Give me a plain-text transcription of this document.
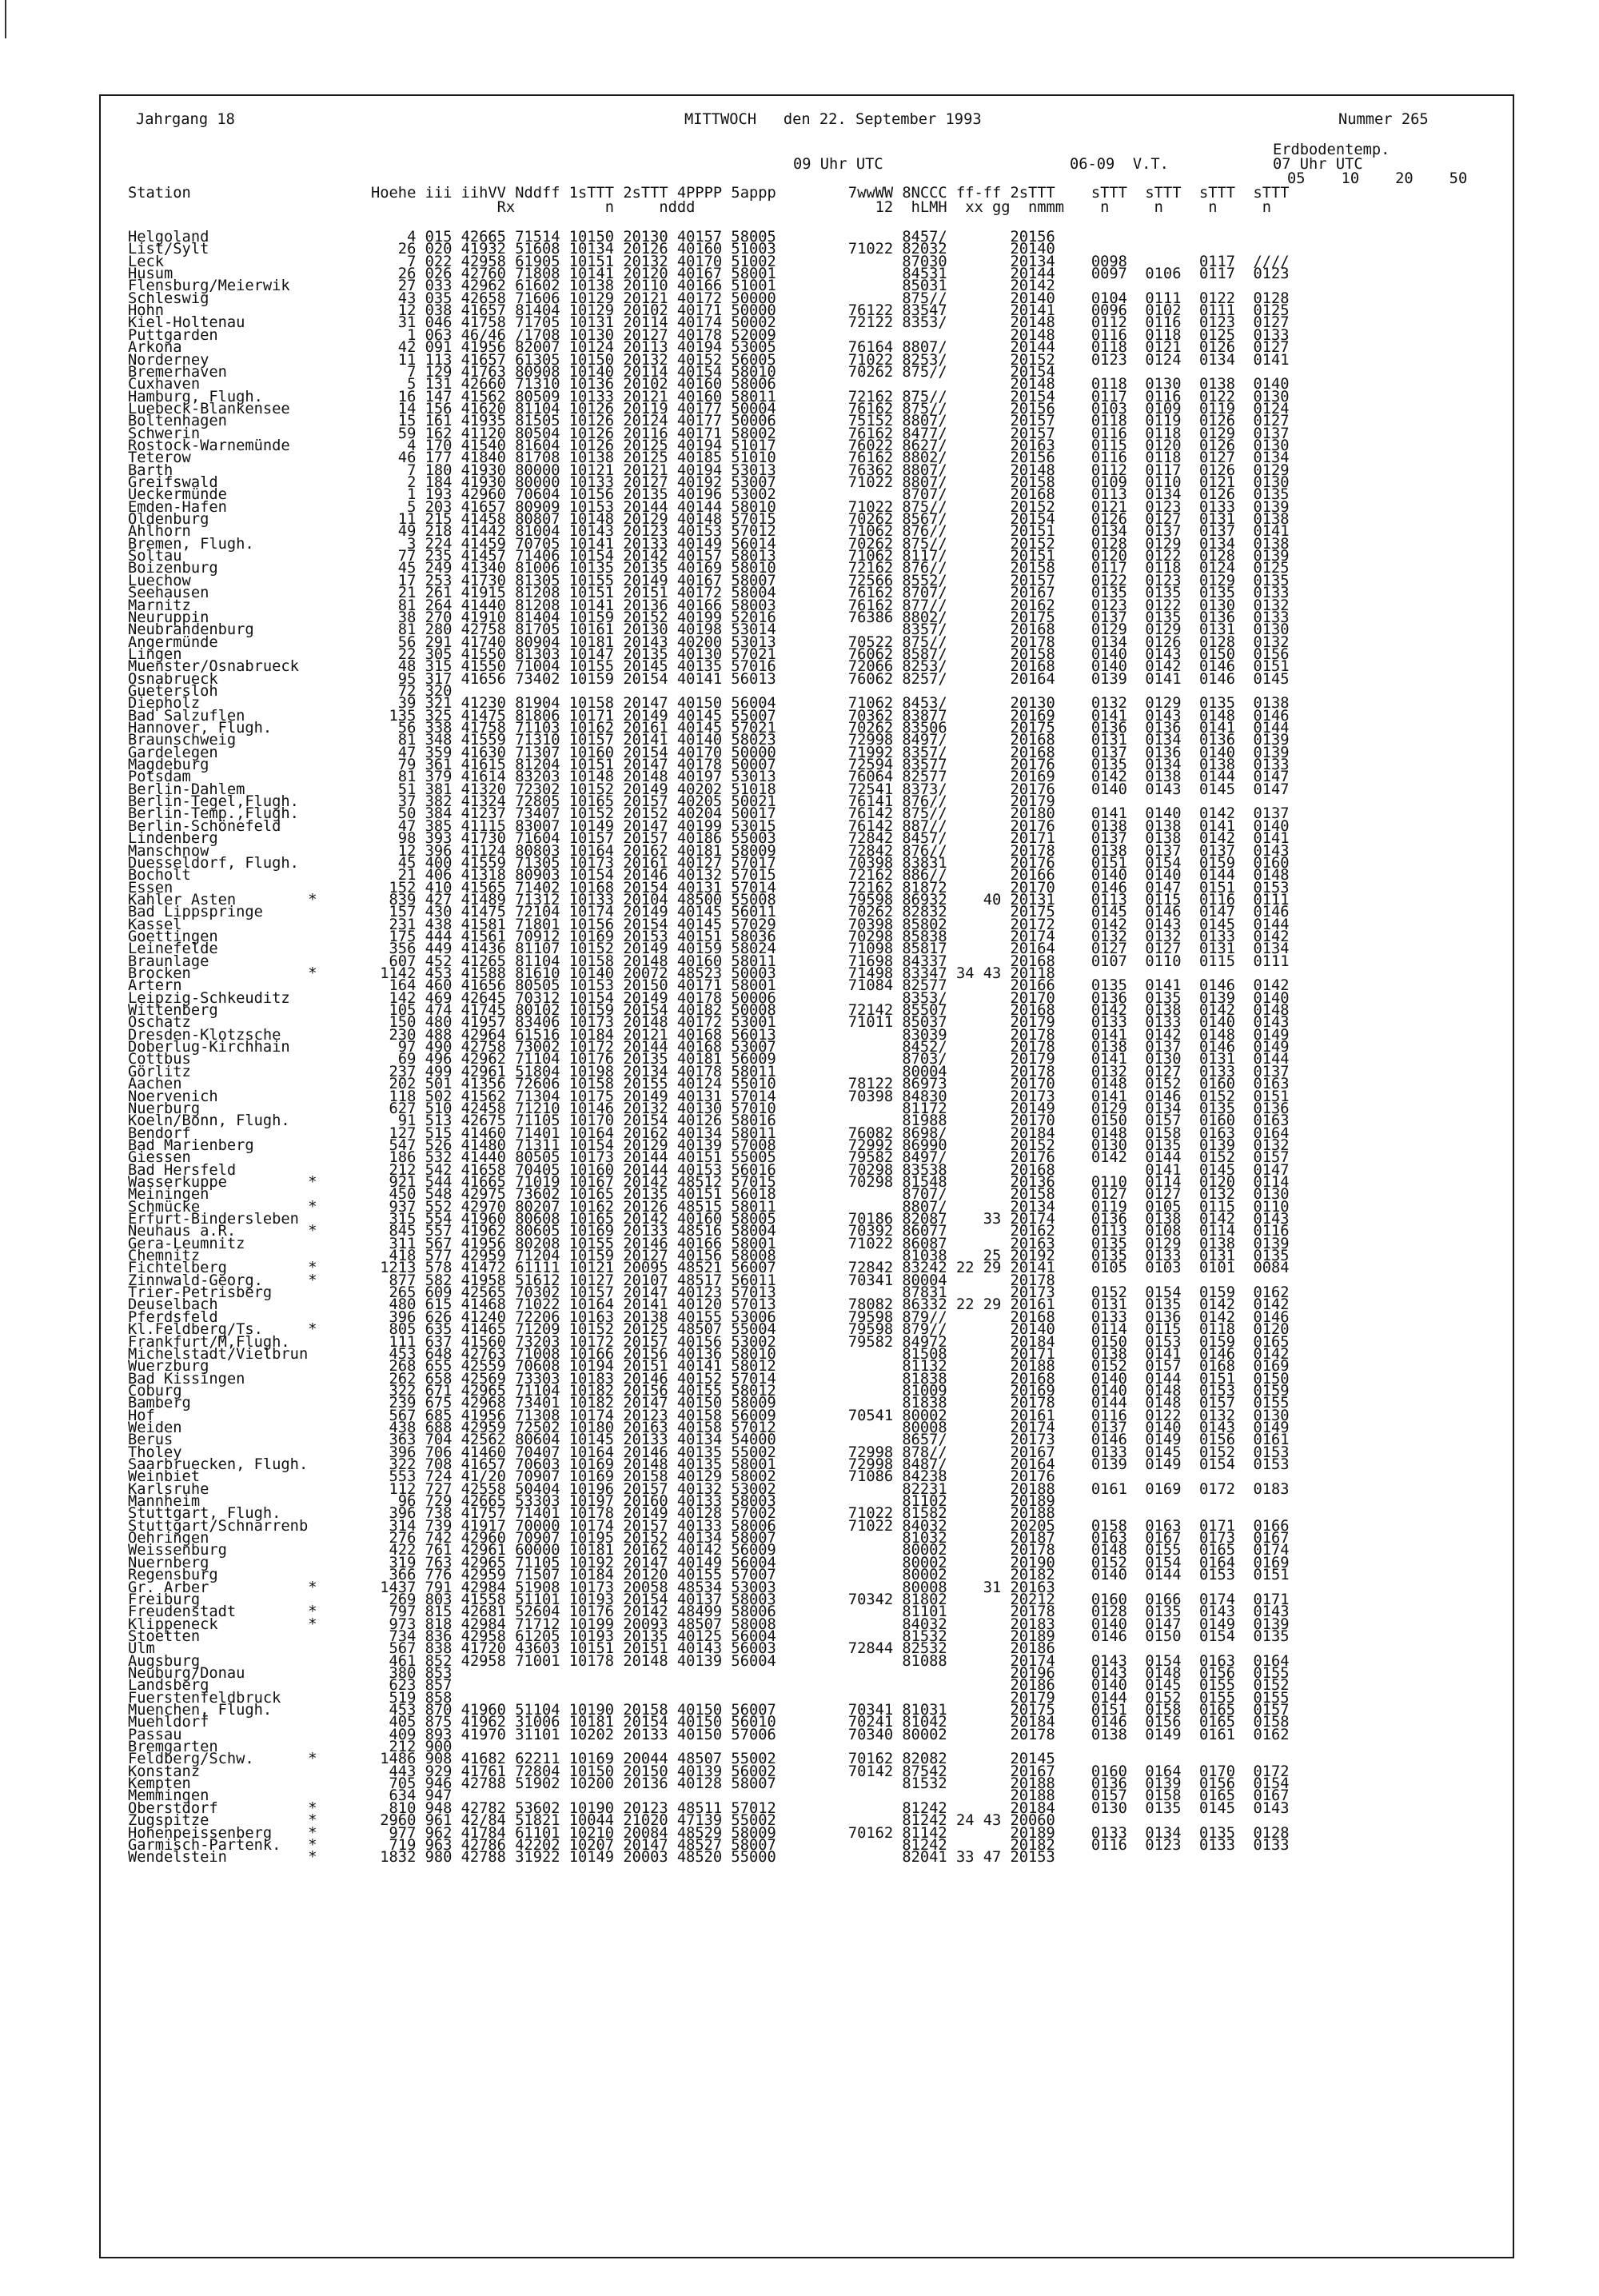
Jahrgang 18	MITTWOCH   den 22. September 1993	Nummer 265
Erdbodentemp.
09 Uhr UTC	06-09  V.T.	07 Uhr UTC
05    10    20    50
Station                    Hoehe iii iihVV Nddff 1sTTT 2sTTT 4PPPP 5appp        7wwWW 8NCCC ff-ff 2sTTT    sTTT  sTTT  sTTT  sTTT
Rx          n     nddd                    12  hLMH  xx gg  nmmm    n     n     n     n
Helgoland                      4 015 42665 71514 10150 20130 40157 58005              8457/       20156
List/Sylt                     26 020 41932 51608 10134 20126 40160 51003        71022 82032       20140
Leck                           7 022 42958 61905 10151 20132 40170 51002              87030       20134    0098        0117  ////
Husum                         26 026 42760 71808 10141 20120 40167 58001              84531       20144    0097  0106  0117  0123
Flensburg/Meierwik            27 033 42962 61602 10138 20110 40166 51001              85031       20142
Schleswig                     43 035 42658 71606 10129 20121 40172 50000              875//       20140    0104  0111  0122  0128
Hohn                          12 038 41657 81404 10129 20102 40171 50000        76122 83547       20141    0096  0102  0111  0125
Kiel-Holtenau                 31 046 41758 71705 10131 20114 40174 50002        72122 8353/       20148    0112  0116  0123  0127
Puttgarden                     1 063 46/46 /1708 10130 20127 40178 52009                          20148    0116  0118  0125  0133
Arkona                        42 091 41956 82007 10124 20113 40194 53005        76164 8807/       20144    0118  0121  0126  0127
Norderney                     11 113 41657 61305 10150 20132 40152 56005        71022 8253/       20152    0123  0124  0134  0141
Bremerhaven                    7 129 41763 80908 10140 20114 40154 58010        70262 875//       20154
Cuxhaven                       5 131 42660 71310 10136 20102 40160 58006                          20148    0118  0130  0138  0140
Hamburg, Flugh.               16 147 41562 80509 10133 20121 40160 58011        72162 875//       20154    0117  0116  0122  0130
Luebeck-Blankensee            14 156 41620 81104 10126 20119 40177 50004        76162 875//       20156    0103  0109  0119  0124
Boltenhagen                   15 161 41935 81505 10126 20124 40177 50006        75152 8807/       20157    0118  0119  0126  0127
Schwerin                      59 162 41120 80504 10126 20116 40171 58002        76162 8477/       20157    0116  0118  0129  0137
Rostock-Warnemünde             4 170 41540 81604 10126 20125 40194 51017        76022 8627/       20163    0115  0120  0126  0130
Teterow                       46 177 41840 81708 10138 20125 40185 51010        76162 8802/       20156    0116  0118  0127  0134
Barth                          7 180 41930 80000 10121 20121 40194 53013        76362 8807/       20148    0112  0117  0126  0129
Greifswald                     2 184 41930 80000 10133 20127 40192 53007        71022 8807/       20158    0109  0110  0121  0130
Ueckermünde                    1 193 42960 70604 10156 20135 40196 53002              8707/       20168    0113  0134  0126  0135
Emden-Hafen                    5 203 41657 80909 10153 20144 40144 58010        71022 875//       20152    0121  0123  0133  0139
Oldenburg                     11 215 41458 80807 10148 20129 40148 57015        70262 8567/       20154    0126  0127  0131  0138
Ahlhorn                       49 218 41442 81004 10143 20123 40153 57012        71062 876//       20151    0134  0137  0137  0141
Bremen, Flugh.                 3 224 41459 70705 10141 20133 40149 56014        70262 875//       20152    0128  0129  0134  0138
Soltau                        77 235 41457 71406 10154 20142 40157 58013        71062 8117/       20151    0120  0122  0128  0139
Boizenburg                    45 249 41340 81006 10135 20135 40169 58010        72162 876//       20158    0117  0118  0124  0125
Luechow                       17 253 41730 81305 10155 20149 40167 58007        72566 8552/       20157    0122  0123  0129  0135
Seehausen                     21 261 41915 81208 10151 20151 40172 58004        76162 8707/       20167    0135  0135  0135  0133
Marnitz                       81 264 41440 81208 10141 20136 40166 58003        76162 877//       20162    0123  0122  0130  0132
Neuruppin                     38 270 41910 81404 10159 20152 40199 52016        76386 8802/       20175    0137  0135  0136  0133
Neubrandenburg                81 280 42758 81705 10161 20130 40198 53014              8357/       20168    0129  0129  0131  0130
Angermünde                    56 291 41740 80904 10181 20143 40200 53013        70522 875//       20178    0134  0126  0128  0132
Lingen                        22 305 41550 81303 10147 20135 40130 57021        76062 8587/       20158    0140  0143  0150  0156
Muenster/Osnabrueck           48 315 41550 71004 10155 20145 40135 57016        72066 8253/       20168    0140  0142  0146  0151
Osnabrueck                    95 317 41656 73402 10159 20154 40141 56013        76062 8257/       20164    0139  0141  0146  0145
Guetersloh                    72 320
Diepholz                      39 321 41230 81904 10158 20147 40150 56004        71062 8453/       20130    0132  0129  0135  0138
Bad Salzuflen                135 325 41475 81806 10171 20149 40145 55007        70362 83877       20169    0141  0143  0148  0146
Hannover, Flugh.              56 338 41758 71103 10162 20161 40145 57021        70262 83506       20175    0136  0136  0141  0144
Braunschweig                  81 348 41559 71310 10157 20141 40140 58023        72998 8497/       20168    0131  0134  0136  0139
Gardelegen                    47 359 41630 71307 10160 20154 40170 50000        71992 8357/       20168    0137  0136  0140  0139
Magdeburg                     79 361 41615 81204 10151 20147 40178 50007        72594 83577       20176    0135  0134  0138  0133
Potsdam                       81 379 41614 83203 10148 20148 40197 53013        76064 82577       20169    0142  0138  0144  0147
Berlin-Dahlem                 51 381 41320 72302 10152 20149 40202 51018        72541 8373/       20176    0140  0143  0145  0147
Berlin-Tegel,Flugh.           37 382 41324 72805 10165 20157 40205 50021        76141 876//       20179
Berlin-Temp.,Flugh.           50 384 41237 73407 10152 20152 40204 50017        76142 875//       20180    0141  0140  0142  0137
Berlin-Schönefeld             47 385 41115 83007 10149 20147 40199 53015        76142 887//       20176    0138  0138  0141  0140
Lindenberg                    98 393 41730 71604 10157 20157 40186 55003        72842 8457/       20171    0137  0138  0142  0141
Manschnow                     12 396 41124 80803 10164 20162 40181 58009        72842 876//       20178    0138  0137  0137  0143
Duesseldorf, Flugh.           45 400 41559 71305 10173 20161 40127 57017        70398 83831       20176    0151  0154  0159  0160
Bocholt                       21 406 41318 80903 10154 20146 40132 57015        72162 886//       20166    0140  0140  0144  0148
Essen                        152 410 41565 71402 10168 20154 40131 57014        72162 81872       20170    0146  0147  0151  0153
Kahler Asten        *        839 427 41489 71312 10133 20104 48500 55008        79598 86932    40 20131    0113  0115  0116  0111
Bad Lippspringe              157 430 41475 72104 10174 20149 40145 56011        70262 82832       20175    0145  0146  0147  0146
Kassel                       231 438 41581 71801 10156 20154 40145 57029        70398 85802       20172    0142  0143  0145  0144
Goettingen                   175 444 41561 70912 10169 20153 40151 58036        70298 85838       20174    0132  0132  0133  0142
Leinefelde                   356 449 41436 81107 10152 20149 40159 58024        71098 85817       20164    0127  0127  0131  0134
Braunlage                    607 452 41265 81104 10158 20148 40160 58011        71698 84337       20168    0107  0110  0115  0111
Brocken             *       1142 453 41588 81610 10140 20072 48523 50003        71498 83347 34 43 20118
Artern                       164 460 41656 80505 10153 20150 40171 58001        71084 82577       20166    0135  0141  0146  0142
Leipzig-Schkeuditz           142 469 42645 70312 10154 20149 40178 50006              8353/       20170    0136  0135  0139  0140
Wittenberg                   105 474 41745 80102 10159 20154 40182 50008        72142 85507       20168    0142  0138  0142  0148
Oschatz                      150 480 41957 83406 10173 20148 40172 53001        71011 85037       20179    0133  0133  0140  0143
Dresden-Klotzsche            230 488 42964 61516 10184 20121 40168 56013              83039       20178    0141  0142  0148  0149
Doberlug-Kirchhain            97 490 42758 73002 10172 20144 40168 53007              8452/       20178    0138  0137  0146  0149
Cottbus                       69 496 42962 71104 10176 20135 40181 56009              8703/       20179    0141  0130  0131  0144
Görlitz                      237 499 42961 51804 10198 20134 40178 58011              80004       20178    0132  0127  0133  0137
Aachen                       202 501 41356 72606 10158 20155 40124 55010        78122 86973       20170    0148  0152  0160  0163
Noervenich                   118 502 41562 71304 10175 20149 40131 57014        70398 84830       20173    0141  0146  0152  0151
Nuerburg                     627 510 42458 71210 10146 20132 40130 57010              81172       20149    0129  0134  0135  0136
Koeln/Bonn, Flugh.            91 513 42675 71105 10170 20154 40126 58016              81988       20170    0150  0157  0160  0163
Bendorf                      127 515 41460 71401 10164 20162 40134 58011        76082 8698/       20184    0148  0158  0163  0164
Bad Marienberg               547 526 41480 71311 10154 20129 40139 57008        72992 86990       20152    0130  0135  0139  0132
Giessen                      186 532 41440 80505 10173 20144 40151 55005        79582 8497/       20176    0142  0144  0152  0157
Bad Hersfeld                 212 542 41658 70405 10160 20144 40153 56016        70298 83538       20168          0141  0145  0147
Wasserkuppe         *        921 544 41665 71019 10167 20142 48512 57015        70298 81548       20136    0110  0114  0120  0114
Meiningen                    450 548 42975 73602 10165 20135 40151 56018              8707/       20158    0127  0127  0132  0130
Schmücke            *        937 552 42970 80207 10162 20126 48515 58011              8807/       20134    0119  0105  0115  0110
Erfurt-Bindersleben          315 554 41960 80608 10165 20142 40160 58005        70186 82087    33 20174    0136  0138  0142  0143
Neuhaus a.R.        *        845 557 41962 80605 10169 20133 48516 58004        70392 86077       20162    0113  0108  0114  0116
Gera-Leumnitz                311 567 41956 80208 10155 20146 40166 58001        71022 86087       20163    0135  0129  0138  0139
Chemnitz                     418 577 42959 71204 10159 20127 40156 58008              81038    25 20192    0135  0133  0131  0135
Fichtelberg         *       1213 578 41472 61111 10121 20095 48521 56007        72842 83242 22 29 20141    0105  0103  0101  0084
Zinnwald-Georg.     *        877 582 41958 51612 10127 20107 48517 56011        70341 80004       20178
Trier-Petrisberg             265 609 42565 70302 10157 20147 40123 57013              87831       20173    0152  0154  0159  0162
Deuselbach                   480 615 41468 71022 10164 20141 40120 57013        78082 86332 22 29 20161    0131  0135  0142  0142
Pferdsfeld                   396 626 41240 72206 10163 20138 40155 53006        79598 879//       20168    0133  0136  0142  0146
Kl.Feldberg/Ts.     *        805 635 41465 71209 10152 20125 48507 55004        79598 879//       20140    0114  0115  0118  0120
Frankfurt/M,Flugh.           111 637 41560 73203 10172 20157 40156 53002        79582 84972       20184    0150  0153  0159  0165
Michelstadt/Vielbrun         453 648 42763 71008 10166 20156 40136 58010              81508       20171    0138  0141  0146  0142
Wuerzburg                    268 655 42559 70608 10194 20151 40141 58012              81132       20188    0152  0157  0168  0169
Bad Kissingen                262 658 42569 73303 10183 20146 40152 57014              81838       20168    0140  0144  0151  0150
Coburg                       322 671 42965 71104 10182 20156 40155 58012              81009       20169    0140  0148  0153  0159
Bamberg                      239 675 42968 73401 10182 20147 40150 58009              81838       20178    0144  0148  0157  0155
Hof                          567 685 41956 71308 10174 20123 40158 56009        70541 80002       20161    0116  0122  0132  0130
Weiden                       438 688 42959 72502 10180 20163 40158 57012              80008       20174    0137  0140  0143  0149
Berus                        363 704 42562 80604 10145 20133 40134 54000              8657/       20173    0146  0149  0156  0161
Tholey                       396 706 41460 70407 10164 20146 40135 55002        72998 878//       20167    0133  0145  0152  0153
Saarbruecken, Flugh.         322 708 41657 70603 10169 20148 40135 58001        72998 8487/       20164    0139  0149  0154  0153
Weinbiet                     553 724 41/20 70907 10169 20158 40129 58002        71086 84238       20176
Karlsruhe                    112 727 42558 50404 10196 20157 40132 53002              82231       20188    0161  0169  0172  0183
Mannheim                      96 729 42665 53303 10197 20160 40133 58003              81102       20189
Stuttgart, Flugh.            396 738 41757 71401 10178 20149 40128 57002        71022 81582       20188
Stuttgart/Schnarrenb         314 739 41917 70000 10174 20157 40133 58006        71022 84032       20205    0158  0163  0171  0166
Oehringen                    276 742 42960 70907 10195 20152 40134 58007              81032       20187    0163  0167  0173  0167
Weissenburg                  422 761 42961 60000 10181 20162 40142 56009              80002       20178    0148  0155  0165  0174
Nuernberg                    319 763 42965 71105 10192 20147 40149 56004              80002       20190    0152  0154  0164  0169
Regensburg                   366 776 42959 71507 10184 20120 40155 57007              80002       20182    0140  0144  0153  0151
Gr. Arber           *       1437 791 42984 51908 10173 20058 48534 53003              80008    31 20163
Freiburg                     269 803 41558 51101 10193 20154 40137 58003        70342 81802       20212    0160  0166  0174  0171
Freudenstadt        *        797 815 42681 52604 10176 20142 48499 58006              81101       20178    0128  0135  0143  0143
Klippeneck          *        973 818 42984 71712 10199 20093 48507 58008              84032       20183    0140  0147  0149  0139
Stoetten                     734 836 42958 61205 10193 20135 40125 56004              81532       20189    0146  0150  0154  0135
Ulm                          567 838 41720 43603 10151 20151 40143 56003        72844 82532       20186
Augsburg                     461 852 42958 71001 10178 20148 40139 56004              81088       20174    0143  0154  0163  0164
Neuburg/Donau                380 853                                                              20196    0143  0148  0156  0155
Landsberg                    623 857                                                              20186    0140  0145  0155  0152
Fuerstenfeldbruck            519 858                                                              20179    0144  0152  0155  0155
Muenchen, Flugh.             453 870 41960 51104 10190 20158 40150 56007        70341 81031       20175    0151  0158  0165  0157
Muehldorf                    405 875 41962 31006 10181 20154 40150 56010        70241 81042       20184    0146  0156  0165  0158
Passau                       409 893 41970 31101 10202 20133 40150 57006        70340 80002       20178    0138  0149  0161  0162
Bremgarten                   212 900
Feldberg/Schw.      *       1486 908 41682 62211 10169 20044 48507 55002        70162 82082       20145
Konstanz                     443 929 41761 72804 10150 20150 40139 56002        70142 87542       20167    0160  0164  0170  0172
Kempten                      705 946 42788 51902 10200 20136 40128 58007              81532       20188    0136  0139  0156  0154
Memmingen                    634 947                                                              20188    0157  0158  0165  0167
Oberstdorf          *        810 948 42782 53602 10190 20123 48511 57012              81242       20184    0130  0135  0145  0143
Zugspitze           *       2960 961 42/84 51821 10044 21020 47139 55002              81242 24 43 20060
Hohenpeissenberg    *        977 962 41784 61101 10210 20084 48529 58009        70162 81142       20189    0133  0134  0135  0128
Garmisch-Partenk.   *        719 963 42786 42202 10207 20147 48527 58007              81242       20182    0116  0123  0133  0133
Wendelstein         *       1832 980 42788 31922 10149 20003 48520 55000              82041 33 47 20153
